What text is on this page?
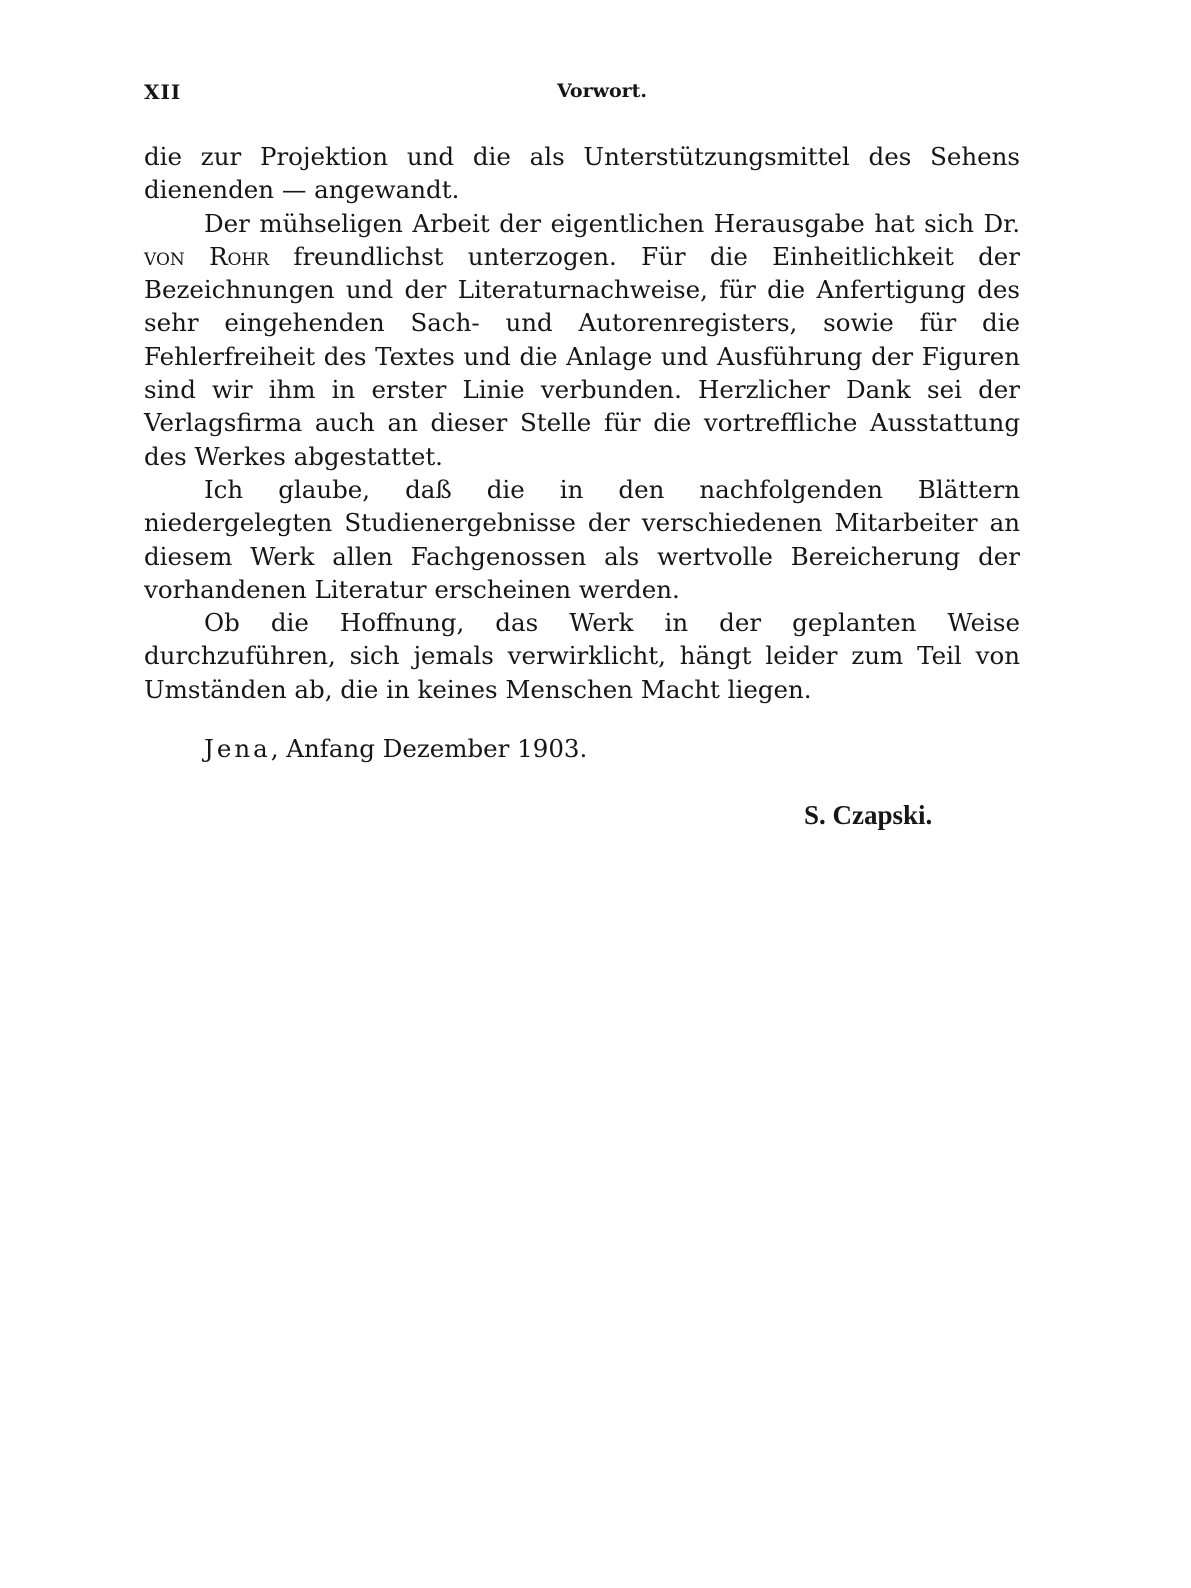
XII	Vorwort.

die zur Projektion und die als Unterstützungsmittel des Sehens dienenden — angewandt.

Der mühseligen Arbeit der eigentlichen Herausgabe hat sich Dr. von Rohr freundlichst unterzogen. Für die Einheitlichkeit der Bezeichnungen und der Literaturnachweise, für die Anfertigung des sehr eingehenden Sach- und Autorenregisters, sowie für die Fehlerfreiheit des Textes und die Anlage und Ausführung der Figuren sind wir ihm in erster Linie verbunden. Herzlicher Dank sei der Verlagsfirma auch an dieser Stelle für die vortreffliche Ausstattung des Werkes abgestattet.

Ich glaube, daß die in den nachfolgenden Blättern niedergelegten Studienergebnisse der verschiedenen Mitarbeiter an diesem Werk allen Fachgenossen als wertvolle Bereicherung der vorhandenen Literatur erscheinen werden.

Ob die Hoffnung, das Werk in der geplanten Weise durchzuführen, sich jemals verwirklicht, hängt leider zum Teil von Umständen ab, die in keines Menschen Macht liegen.

Jena, Anfang Dezember 1903.
S. Czapski.
